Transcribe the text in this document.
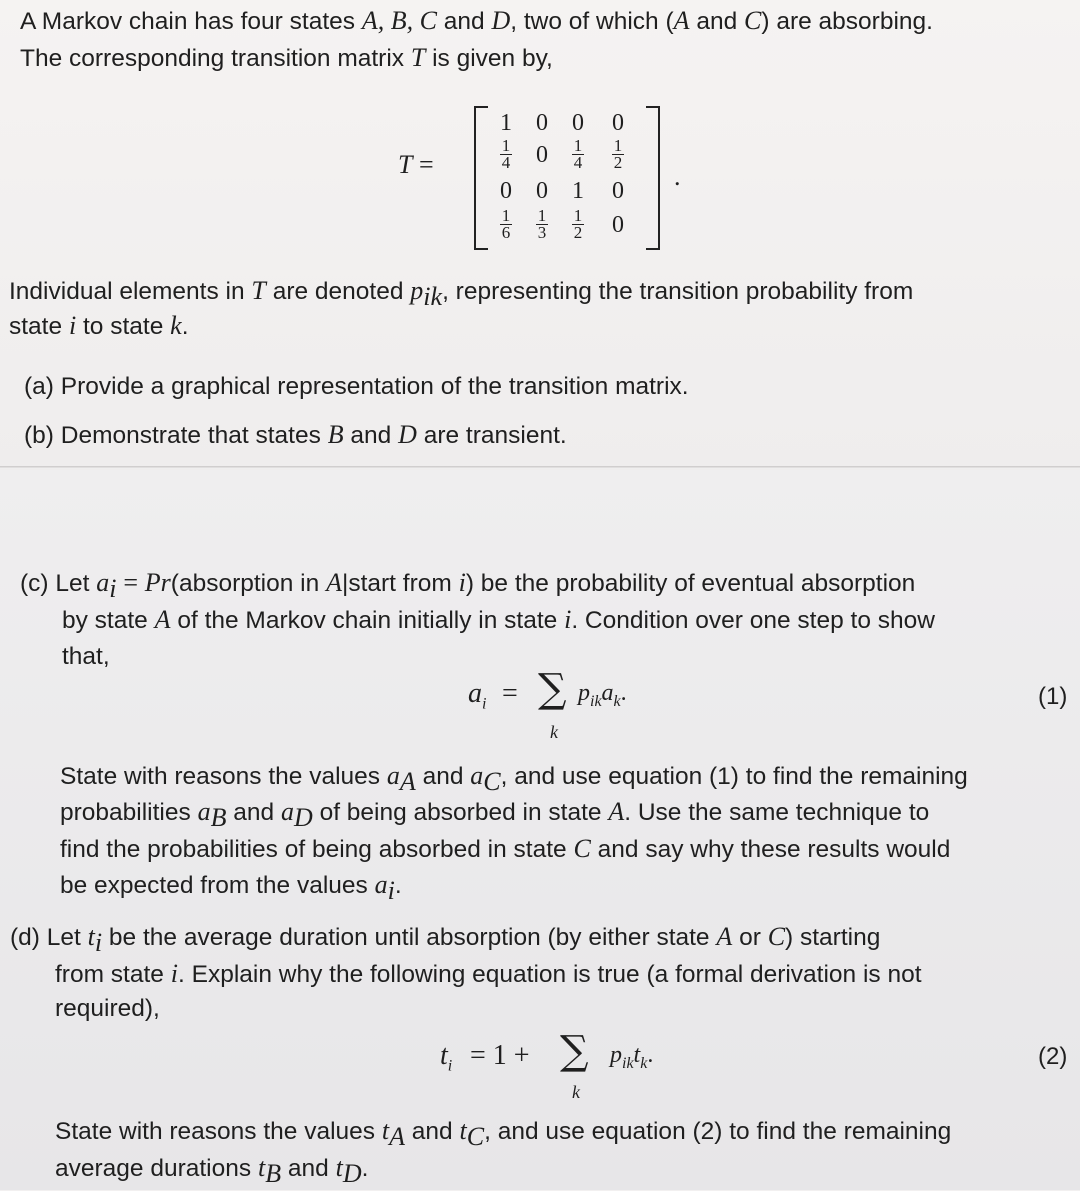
A Markov chain has four states A, B, C and D, two of which (A and C) are absorbing.
The corresponding transition matrix T is given by,
T =
1	0	0	0
$\frac{1}{4} 0 \frac{1}{4} \frac{1}{2}$
0	0	1	0
$\frac{1}{6} \frac{1}{3} \frac{1}{2} 0$
.
Individual elements in T are denoted $p_{ik}$, representing the transition probability from
state i to state k.
(a) Provide a graphical representation of the transition matrix.
(b) Demonstrate that states B and D are transient.
(c) Let $a_i$ = Pr(absorption in A|start from i) be the probability of eventual absorption
by state A of the Markov chain initially in state i. Condition over one step to show
that,
$a_i$ = ∑
k
$p_{ik}a_k$.	(1)
State with reasons the values $a_A$ and $a_C$, and use equation (1) to find the remaining
probabilities $a_B$ and $a_D$ of being absorbed in state A. Use the same technique to
find the probabilities of being absorbed in state C and say why these results would
be expected from the values $a_i$.
(d) Let $t_i$ be the average duration until absorption (by either state A or C) starting
from state i. Explain why the following equation is true (a formal derivation is not
required),
$t_i = 1$ + ∑
k
$p_{ik}t_k$.	(2)
State with reasons the values $t_A$ and $t_C$, and use equation (2) to find the remaining
average durations $t_B$ and $t_D$.
